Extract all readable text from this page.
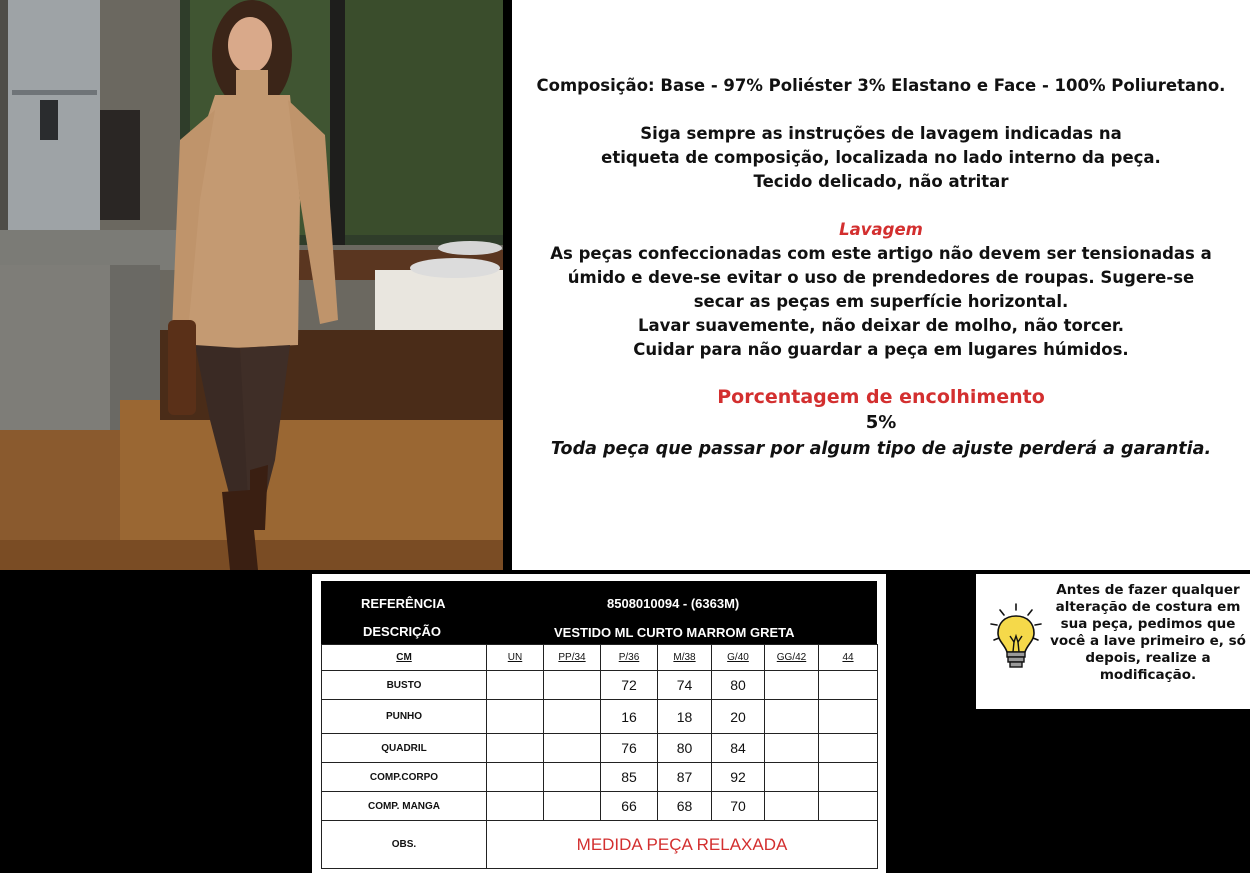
Composição: Base - 97% Poliéster 3% Elastano e Face - 100% Poliuretano.

Siga sempre as instruções de lavagem indicadas na

etiqueta de composição, localizada no lado interno da peça.

Tecido delicado, não atritar

Lavagem

As peças confeccionadas com este artigo não devem ser tensionadas a

úmido e deve-se evitar o uso de prendedores de roupas. Sugere-se

secar as peças em superfície horizontal.

Lavar suavemente, não deixar de molho, não torcer.

Cuidar para não guardar a peça em lugares húmidos.

Porcentagem de encolhimento

5%

Toda peça que passar por algum tipo de ajuste perderá a garantia.

REFERÊNCIA	8508010094 - (6363M)
DESCRIÇÃO	VESTIDO ML CURTO MARROM GRETA
CM	UN	PP/34	P/36	M/38	G/40	GG/42	44
BUSTO			72	74	80		
PUNHO			16	18	20		
QUADRIL			76	80	84		
COMP.CORPO			85	87	92		
COMP. MANGA			66	68	70		
OBS.	MEDIDA PEÇA RELAXADA						
Antes de fazer qualquer
alteração de costura em
sua peça, pedimos que
você a lave primeiro e, só
depois, realize a
modificação.
